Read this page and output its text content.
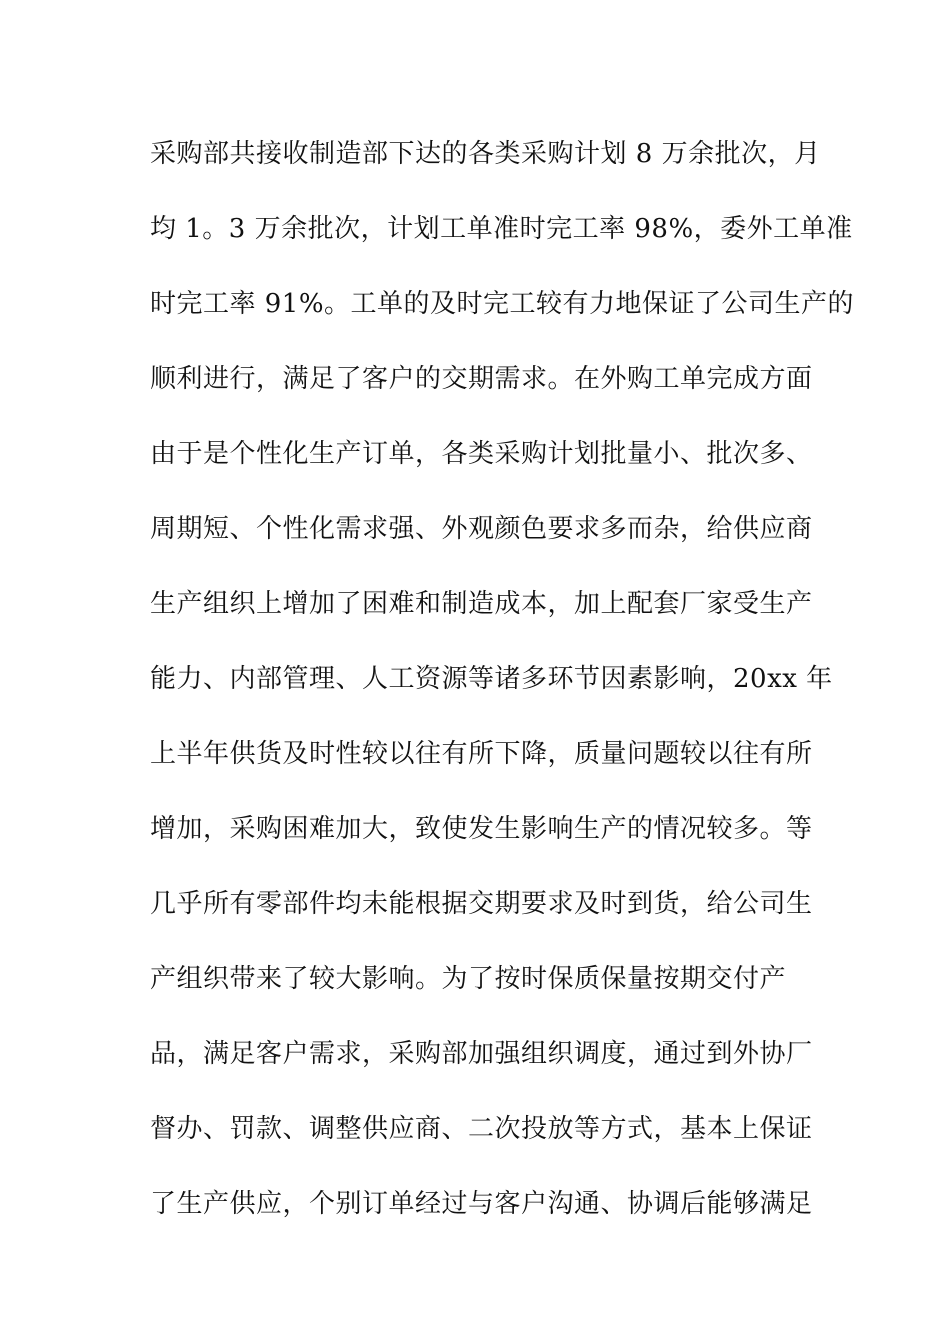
采购部共接收制造部下达的各类采购计划 8 万余批次，月
均 1。3 万余批次，计划工单准时完工率 98%，委外工单准
时完工率 91%。工单的及时完工较有力地保证了公司生产的
顺利进行，满足了客户的交期需求。在外购工单完成方面
由于是个性化生产订单，各类采购计划批量小、批次多、
周期短、个性化需求强、外观颜色要求多而杂，给供应商
生产组织上增加了困难和制造成本，加上配套厂家受生产
能力、内部管理、人工资源等诸多环节因素影响，20xx 年
上半年供货及时性较以往有所下降，质量问题较以往有所
增加，采购困难加大，致使发生影响生产的情况较多。等
几乎所有零部件均未能根据交期要求及时到货，给公司生
产组织带来了较大影响。为了按时保质保量按期交付产
品，满足客户需求，采购部加强组织调度，通过到外协厂
督办、罚款、调整供应商、二次投放等方式，基本上保证
了生产供应，个别订单经过与客户沟通、协调后能够满足
